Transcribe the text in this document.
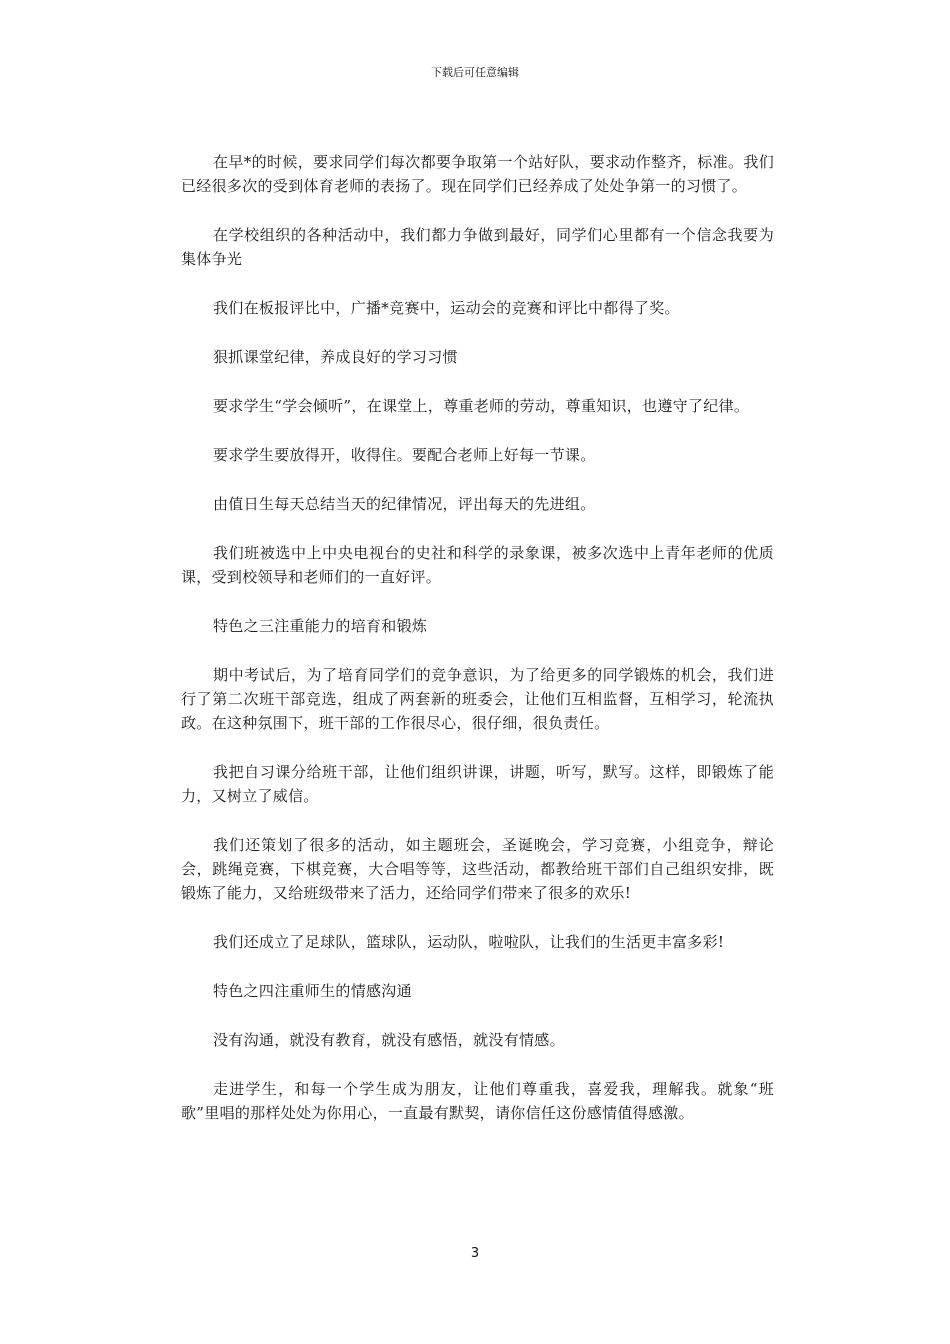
下载后可任意编辑

在早*的时候，要求同学们每次都要争取第一个站好队，要求动作整齐，标准。我们已经很多次的受到体育老师的表扬了。现在同学们已经养成了处处争第一的习惯了。

在学校组织的各种活动中，我们都力争做到最好，同学们心里都有一个信念我要为集体争光

我们在板报评比中，广播*竞赛中，运动会的竞赛和评比中都得了奖。

狠抓课堂纪律，养成良好的学习习惯

要求学生“学会倾听”，在课堂上，尊重老师的劳动，尊重知识，也遵守了纪律。

要求学生要放得开，收得住。要配合老师上好每一节课。

由值日生每天总结当天的纪律情况，评出每天的先进组。

我们班被选中上中央电视台的史社和科学的录象课，被多次选中上青年老师的优质课，受到校领导和老师们的一直好评。

特色之三注重能力的培育和锻炼

期中考试后，为了培育同学们的竞争意识，为了给更多的同学锻炼的机会，我们进行了第二次班干部竞选，组成了两套新的班委会，让他们互相监督，互相学习，轮流执政。在这种氛围下，班干部的工作很尽心，很仔细，很负责任。

我把自习课分给班干部，让他们组织讲课，讲题，听写，默写。这样，即锻炼了能力，又树立了威信。

我们还策划了很多的活动，如主题班会，圣诞晚会，学习竞赛，小组竞争，辩论会，跳绳竞赛，下棋竞赛，大合唱等等，这些活动，都教给班干部们自己组织安排，既锻炼了能力，又给班级带来了活力，还给同学们带来了很多的欢乐!

我们还成立了足球队，篮球队，运动队，啦啦队，让我们的生活更丰富多彩!

特色之四注重师生的情感沟通

没有沟通，就没有教育，就没有感悟，就没有情感。

走进学生，和每一个学生成为朋友，让他们尊重我，喜爱我，理解我。就象“班歌”里唱的那样处处为你用心，一直最有默契，请你信任这份感情值得感激。

3
